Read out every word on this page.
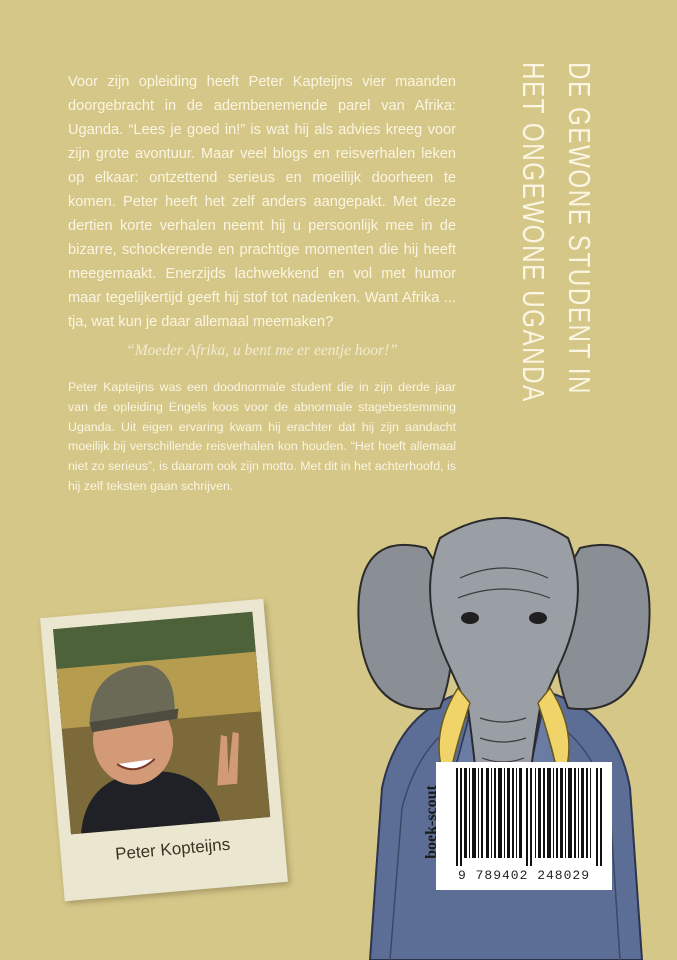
Voor zijn opleiding heeft Peter Kapteijns vier maanden doorgebracht in de adembenemende parel van Afrika: Uganda. “Lees je goed in!” is wat hij als advies kreeg voor zijn grote avontuur. Maar veel blogs en reisverhalen leken op elkaar: ontzettend serieus en moeilijk doorheen te komen. Peter heeft het zelf anders aangepakt. Met deze dertien korte verhalen neemt hij u persoonlijk mee in de bizarre, schockerende en prachtige momenten die hij heeft meegemaakt. Enerzijds lachwekkend en vol met humor maar tegelijkertijd geeft hij stof tot nadenken. Want Afrika ... tja, wat kun je daar allemaal meemaken?

“Moeder Afrika, u bent me er eentje hoor!”

Peter Kapteijns was een doodnormale student die in zijn derde jaar van de opleiding Engels koos voor de abnormale stagebestemming Uganda. Uit eigen ervaring kwam hij erachter dat hij zijn aandacht moeilijk bij verschillende reisverhalen kon houden. “Het hoeft allemaal niet zo serieus”, is daarom ook zijn motto. Met dit in het achterhoofd, is hij zelf teksten gaan schrijven.

DE GEWONE STUDENT IN
HET ONGEWONE UGANDA
Peter Kopteijns
9 789402 248029
boek-scout
